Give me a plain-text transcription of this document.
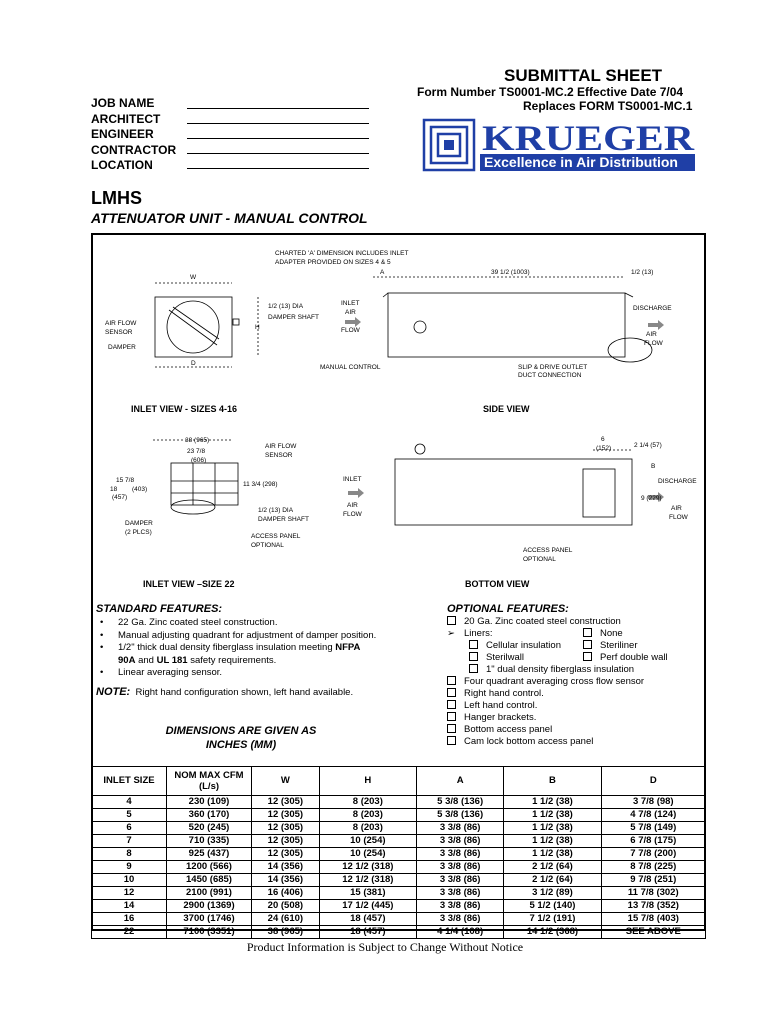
SUBMITTAL SHEET
Form Number TS0001-MC.2 Effective Date 7/04
Replaces FORM TS0001-MC.1
JOB NAME
ARCHITECT
ENGINEER
CONTRACTOR
LOCATION
KRUEGER
Excellence in Air Distribution
LMHS
ATTENUATOR UNIT - MANUAL CONTROL
CHARTED 'A' DIMENSION INCLUDES INLET
ADAPTER PROVIDED ON SIZES 4 & 5
A	39 1/2 (1003)	1/2 (13)
W
H
D
1/2 (13) DIA
DAMPER SHAFT
AIR FLOW
SENSOR
DAMPER
INLET
AIR
FLOW
DISCHARGE
AIR
FLOW
MANUAL CONTROL	SLIP & DRIVE OUTLET
DUCT CONNECTION
38 (965)
23 7/8
(606)
AIR FLOW
SENSOR
15 7/8
(403)
18
(457)
11 3/4 (298)
1/2 (13) DIA
DAMPER SHAFT
DAMPER
(2 PLCS)
ACCESS PANEL
OPTIONAL
INLET
AIR
FLOW
6
(152)	2 1/4 (57)
B
DISCHARGE
9 (229)
AIR
FLOW
ACCESS PANEL
OPTIONAL
INLET VIEW - SIZES 4-16	SIDE VIEW
INLET VIEW –SIZE 22	BOTTOM VIEW
STANDARD FEATURES:
• 22 Ga. Zinc coated steel construction.
• Manual adjusting quadrant for adjustment of damper position.
• 1/2" thick dual density fiberglass insulation meeting NFPA
90A and UL 181 safety requirements.
• Linear averaging sensor.
NOTE: Right hand configuration shown, left hand available.
DIMENSIONS ARE GIVEN AS
INCHES (MM)
OPTIONAL FEATURES:
20 Ga. Zinc coated steel construction
➢ Liners:	None
Cellular insulation	Steriliner
Sterilwall	Perf double wall
1" dual density fiberglass insulation
Four quadrant averaging cross flow sensor
Right hand control.
Left hand control.
Hanger brackets.
Bottom access panel
Cam lock bottom access panel
INLET SIZE	NOM MAX CFM (L/s)	W	H	A	B	D
4	230 (109)	12 (305)	8 (203)	5 3/8 (136)	1 1/2 (38)	3 7/8 (98)
5	360 (170)	12 (305)	8 (203)	5 3/8 (136)	1 1/2 (38)	4 7/8 (124)
6	520 (245)	12 (305)	8 (203)	3 3/8 (86)	1 1/2 (38)	5 7/8 (149)
7	710 (335)	12 (305)	10 (254)	3 3/8 (86)	1 1/2 (38)	6 7/8 (175)
8	925 (437)	12 (305)	10 (254)	3 3/8 (86)	1 1/2 (38)	7 7/8 (200)
9	1200 (566)	14 (356)	12 1/2 (318)	3 3/8 (86)	2 1/2 (64)	8 7/8 (225)
10	1450 (685)	14 (356)	12 1/2 (318)	3 3/8 (86)	2 1/2 (64)	9 7/8 (251)
12	2100 (991)	16 (406)	15 (381)	3 3/8 (86)	3 1/2 (89)	11 7/8 (302)
14	2900 (1369)	20 (508)	17 1/2 (445)	3 3/8 (86)	5 1/2 (140)	13 7/8 (352)
16	3700 (1746)	24 (610)	18 (457)	3 3/8 (86)	7 1/2 (191)	15 7/8 (403)
22	7100 (3351)	38 (965)	18 (457)	4 1/4 (108)	14 1/2 (368)	SEE ABOVE
Product Information is Subject to Change Without Notice
